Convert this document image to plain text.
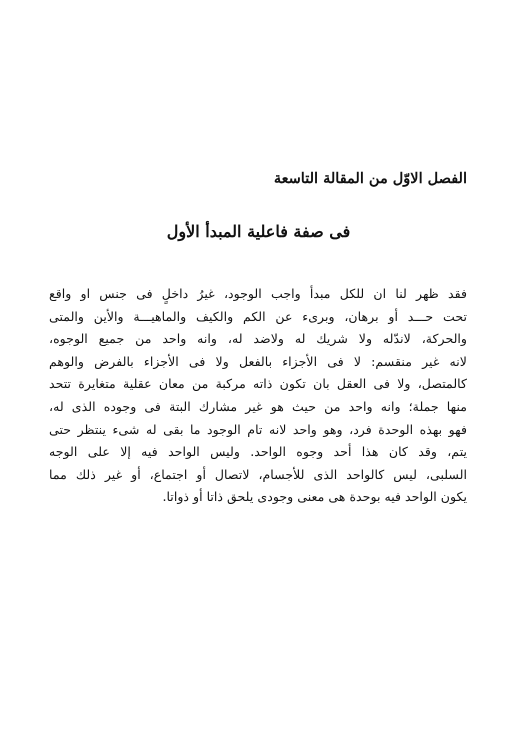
الفصل الاوّل من المقالة التاسعة
فى صفة فاعلية المبدأ الأول
فقد ظهر لنا ان للكل مبدأ واجب الوجود، غيرُ داخلٍ فى جنس او واقع
تحت حـــد أو برهان، وبرىء عن الكم والكيف والماهيـــة والأين والمتى
والحركة، لاندّله ولا شريك له ولاضد له، وانه واحد من جميع الوجوه،
لانه غير منقسم: لا فى الأجزاء بالفعل ولا فى الأجزاء بالفرض والوهم
كالمتصل، ولا فى العقل بان تكون ذاته مركبة من معان عقلية متغايرة تتحد
منها جملة؛ وانه واحد من حيث هو غير مشارك البتة فى وجوده الذى له،
فهو بهذه الوحدة فرد، وهو واحد لانه تام الوجود ما بقى له شىء ينتظر حتى
يتم، وقد كان هذا أحد وجوه الواحد. وليس الواحد فيه إلا على الوجه
السلبى، ليس كالواحد الذى للأجسام، لاتصال أو اجتماع، أو غير ذلك مما
يكون الواحد فيه بوحدة هى معنى وجودى يلحق ذاتا أو ذواتا.
